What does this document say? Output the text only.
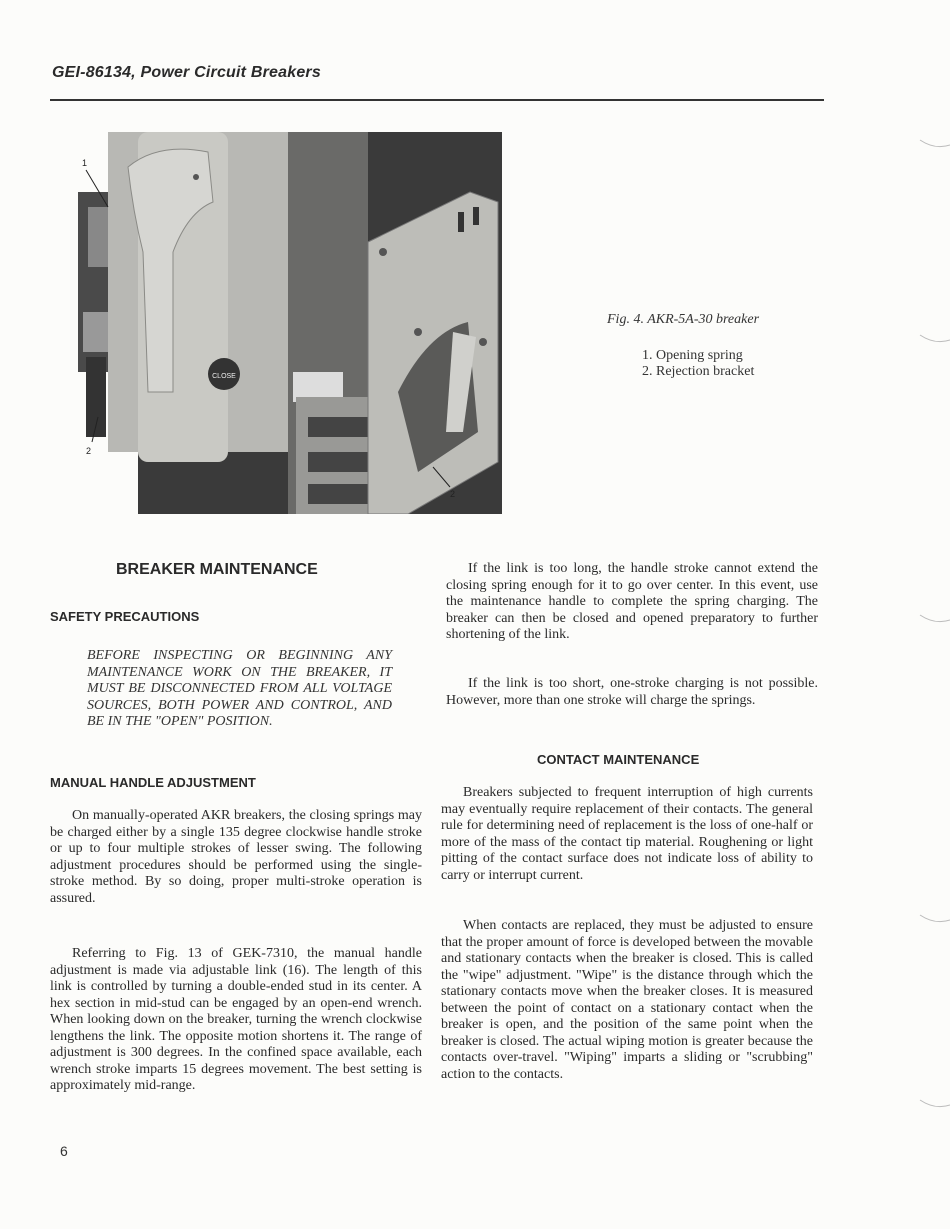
GEI-86134, Power Circuit Breakers
CLOSE
1
2
2
Fig. 4. AKR-5A-30 breaker
1. Opening spring
2. Rejection bracket
BREAKER MAINTENANCE
SAFETY PRECAUTIONS
BEFORE INSPECTING OR BEGINNING ANY MAINTENANCE WORK ON THE BREAKER, IT MUST BE DISCONNECTED FROM ALL VOLTAGE SOURCES, BOTH POWER AND CONTROL, AND BE IN THE "OPEN" POSITION.
MANUAL HANDLE ADJUSTMENT

On manually-operated AKR breakers, the closing springs may be charged either by a single 135 degree clockwise handle stroke or up to four multiple strokes of lesser swing. The following adjustment procedures should be performed using the single-stroke method. By so doing, proper multi-stroke operation is assured.

Referring to Fig. 13 of GEK-7310, the manual handle adjustment is made via adjustable link (16). The length of this link is controlled by turning a double-ended stud in its center. A hex section in mid-stud can be engaged by an open-end wrench. When looking down on the breaker, turning the wrench clockwise lengthens the link. The opposite motion shortens it. The range of adjustment is 300 degrees. In the confined space available, each wrench stroke imparts 15 degrees movement. The best setting is approximately mid-range.

If the link is too long, the handle stroke cannot extend the closing spring enough for it to go over center. In this event, use the maintenance handle to complete the spring charging. The breaker can then be closed and opened preparatory to further shortening of the link.

If the link is too short, one-stroke charging is not possible. However, more than one stroke will charge the springs.

CONTACT MAINTENANCE

Breakers subjected to frequent interruption of high currents may eventually require replacement of their contacts. The general rule for determining need of replacement is the loss of one-half or more of the mass of the contact tip material. Roughening or light pitting of the contact surface does not indicate loss of ability to carry or interrupt current.

When contacts are replaced, they must be adjusted to ensure that the proper amount of force is developed between the movable and stationary contacts when the breaker is closed. This is called the "wipe" adjustment. "Wipe" is the distance through which the stationary contacts move when the breaker closes. It is measured between the point of contact on a stationary contact when the breaker is open, and the position of the same point when the breaker is closed. The actual wiping motion is greater because the contacts over-travel. "Wiping" imparts a sliding or "scrubbing" action to the contacts.

6
